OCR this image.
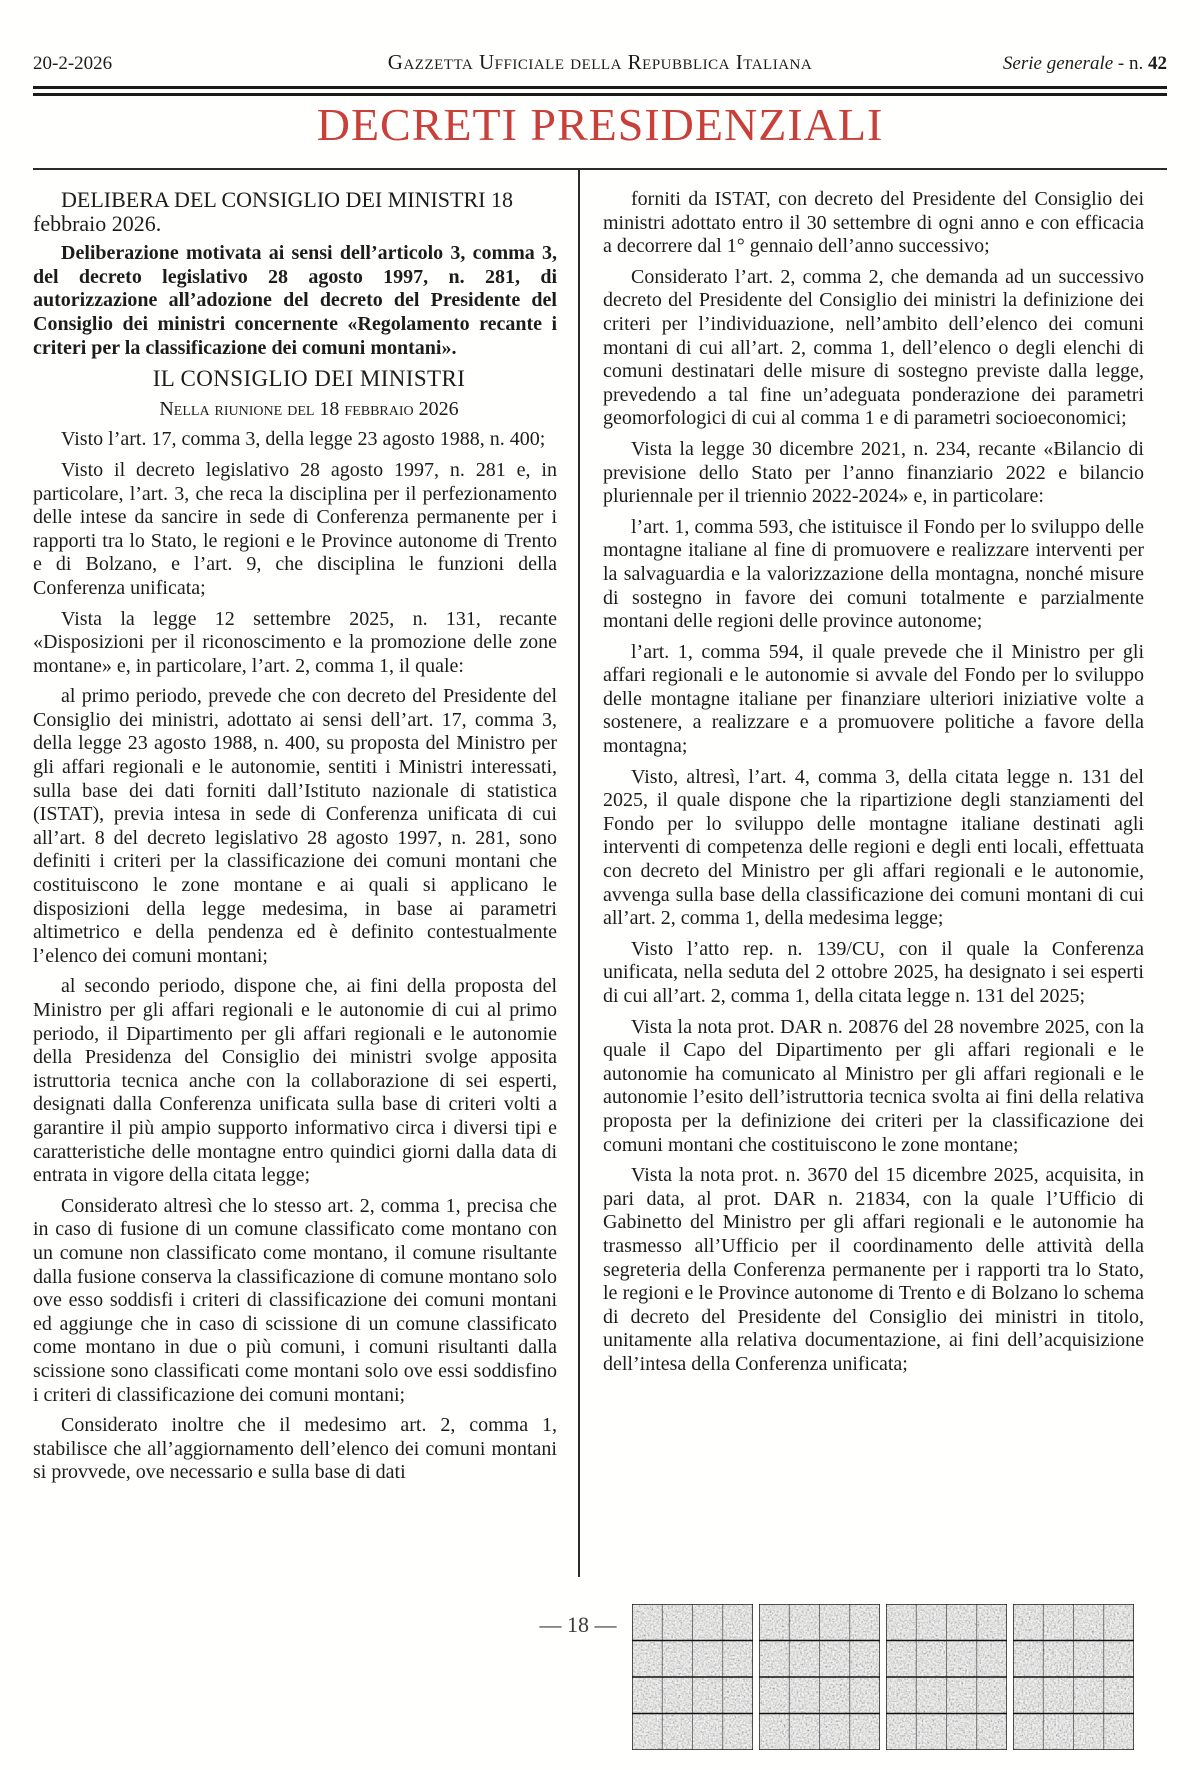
20-2-2026	Gazzetta Ufficiale della Repubblica Italiana	Serie generale - n. 42
DECRETI PRESIDENZIALI

DELIBERA DEL CONSIGLIO DEI MINISTRI 18 febbraio 2026.

Deliberazione motivata ai sensi dell’articolo 3, comma 3, del decreto legislativo 28 agosto 1997, n. 281, di autorizzazione all’adozione del decreto del Presidente del Consiglio dei ministri concernente «Regolamento recante i criteri per la classificazione dei comuni montani».

IL CONSIGLIO DEI MINISTRI

Nella riunione del 18 febbraio 2026

Visto l’art. 17, comma 3, della legge 23 agosto 1988, n. 400;

Visto il decreto legislativo 28 agosto 1997, n. 281 e, in particolare, l’art. 3, che reca la disciplina per il perfezionamento delle intese da sancire in sede di Conferenza permanente per i rapporti tra lo Stato, le regioni e le Province autonome di Trento e di Bolzano, e l’art. 9, che disciplina le funzioni della Conferenza unificata;

Vista la legge 12 settembre 2025, n. 131, recante «Disposizioni per il riconoscimento e la promozione delle zone montane» e, in particolare, l’art. 2, comma 1, il quale:

al primo periodo, prevede che con decreto del Presidente del Consiglio dei ministri, adottato ai sensi dell’art. 17, comma 3, della legge 23 agosto 1988, n. 400, su proposta del Ministro per gli affari regionali e le autonomie, sentiti i Ministri interessati, sulla base dei dati forniti dall’Istituto nazionale di statistica (ISTAT), previa intesa in sede di Conferenza unificata di cui all’art. 8 del decreto legislativo 28 agosto 1997, n. 281, sono definiti i criteri per la classificazione dei comuni montani che costituiscono le zone montane e ai quali si applicano le disposizioni della legge medesima, in base ai parametri altimetrico e della pendenza ed è definito contestualmente l’elenco dei comuni montani;

al secondo periodo, dispone che, ai fini della proposta del Ministro per gli affari regionali e le autonomie di cui al primo periodo, il Dipartimento per gli affari regionali e le autonomie della Presidenza del Consiglio dei ministri svolge apposita istruttoria tecnica anche con la collaborazione di sei esperti, designati dalla Conferenza unificata sulla base di criteri volti a garantire il più ampio supporto informativo circa i diversi tipi e caratteristiche delle montagne entro quindici giorni dalla data di entrata in vigore della citata legge;

Considerato altresì che lo stesso art. 2, comma 1, precisa che in caso di fusione di un comune classificato come montano con un comune non classificato come montano, il comune risultante dalla fusione conserva la classificazione di comune montano solo ove esso soddisfi i criteri di classificazione dei comuni montani ed aggiunge che in caso di scissione di un comune classificato come montano in due o più comuni, i comuni risultanti dalla scissione sono classificati come montani solo ove essi soddisfino i criteri di classificazione dei comuni montani;

Considerato inoltre che il medesimo art. 2, comma 1, stabilisce che all’aggiornamento dell’elenco dei comuni montani si provvede, ove necessario e sulla base di dati

forniti da ISTAT, con decreto del Presidente del Consiglio dei ministri adottato entro il 30 settembre di ogni anno e con efficacia a decorrere dal 1° gennaio dell’anno successivo;

Considerato l’art. 2, comma 2, che demanda ad un successivo decreto del Presidente del Consiglio dei ministri la definizione dei criteri per l’individuazione, nell’ambito dell’elenco dei comuni montani di cui all’art. 2, comma 1, dell’elenco o degli elenchi di comuni destinatari delle misure di sostegno previste dalla legge, prevedendo a tal fine un’adeguata ponderazione dei parametri geomorfologici di cui al comma 1 e di parametri socioeconomici;

Vista la legge 30 dicembre 2021, n. 234, recante «Bilancio di previsione dello Stato per l’anno finanziario 2022 e bilancio pluriennale per il triennio 2022-2024» e, in particolare:

l’art. 1, comma 593, che istituisce il Fondo per lo sviluppo delle montagne italiane al fine di promuovere e realizzare interventi per la salvaguardia e la valorizzazione della montagna, nonché misure di sostegno in favore dei comuni totalmente e parzialmente montani delle regioni delle province autonome;

l’art. 1, comma 594, il quale prevede che il Ministro per gli affari regionali e le autonomie si avvale del Fondo per lo sviluppo delle montagne italiane per finanziare ulteriori iniziative volte a sostenere, a realizzare e a promuovere politiche a favore della montagna;

Visto, altresì, l’art. 4, comma 3, della citata legge n. 131 del 2025, il quale dispone che la ripartizione degli stanziamenti del Fondo per lo sviluppo delle montagne italiane destinati agli interventi di competenza delle regioni e degli enti locali, effettuata con decreto del Ministro per gli affari regionali e le autonomie, avvenga sulla base della classificazione dei comuni montani di cui all’art. 2, comma 1, della medesima legge;

Visto l’atto rep. n. 139/CU, con il quale la Conferenza unificata, nella seduta del 2 ottobre 2025, ha designato i sei esperti di cui all’art. 2, comma 1, della citata legge n. 131 del 2025;

Vista la nota prot. DAR n. 20876 del 28 novembre 2025, con la quale il Capo del Dipartimento per gli affari regionali e le autonomie ha comunicato al Ministro per gli affari regionali e le autonomie l’esito dell’istruttoria tecnica svolta ai fini della relativa proposta per la definizione dei criteri per la classificazione dei comuni montani che costituiscono le zone montane;

Vista la nota prot. n. 3670 del 15 dicembre 2025, acquisita, in pari data, al prot. DAR n. 21834, con la quale l’Ufficio di Gabinetto del Ministro per gli affari regionali e le autonomie ha trasmesso all’Ufficio per il coordinamento delle attività della segreteria della Conferenza permanente per i rapporti tra lo Stato, le regioni e le Province autonome di Trento e di Bolzano lo schema di decreto del Presidente del Consiglio dei ministri in titolo, unitamente alla relativa documentazione, ai fini dell’acquisizione dell’intesa della Conferenza unificata;

— 18 —
